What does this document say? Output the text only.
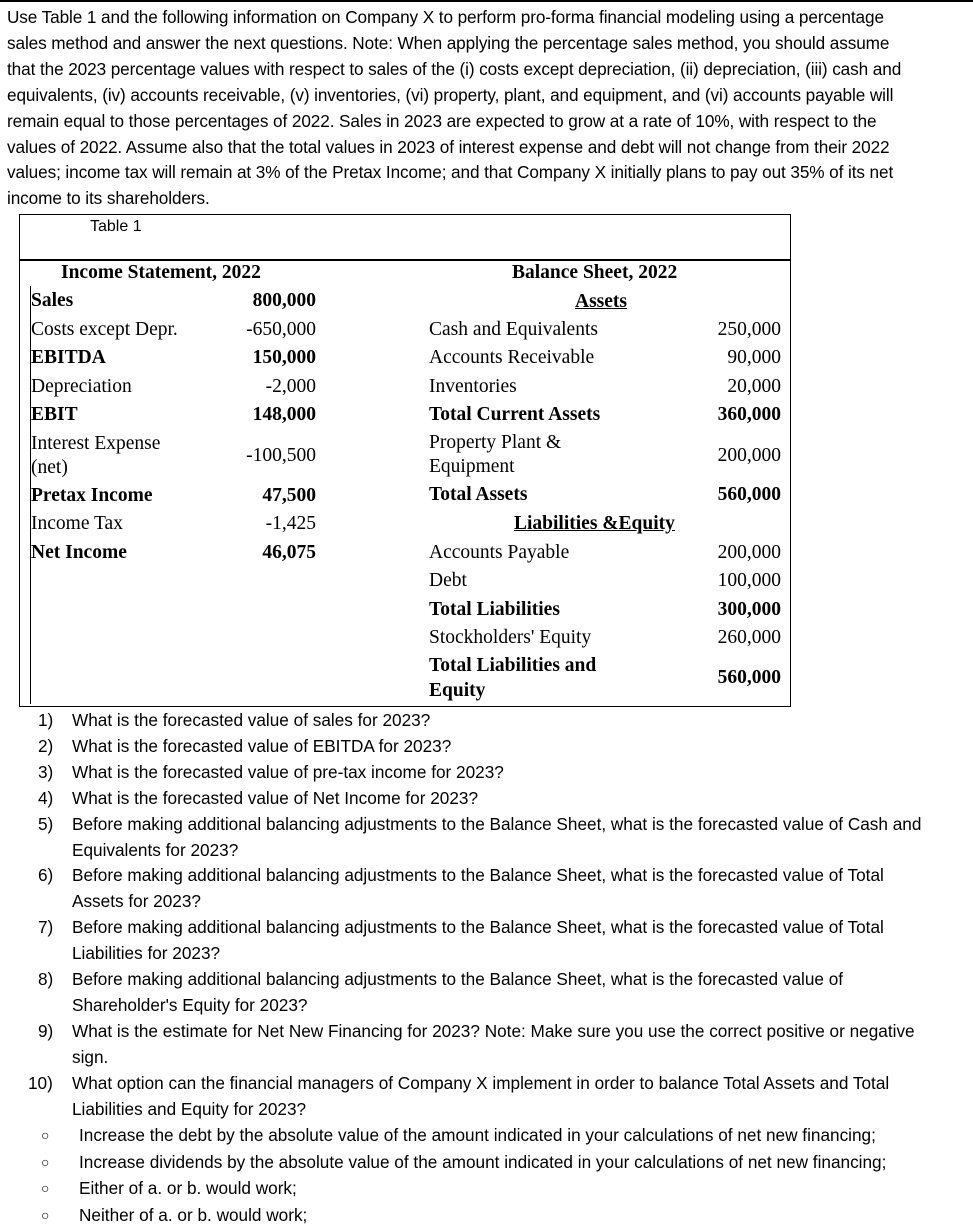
Use Table 1 and the following information on Company X to perform pro-forma financial modeling using a percentage
sales method and answer the next questions. Note: When applying the percentage sales method, you should assume
that the 2023 percentage values with respect to sales of the (i) costs except depreciation, (ii) depreciation, (iii) cash and
equivalents, (iv) accounts receivable, (v) inventories, (vi) property, plant, and equipment, and (vi) accounts payable will
remain equal to those percentages of 2022. Sales in 2023 are expected to grow at a rate of 10%, with respect to the
values of 2022. Assume also that the total values in 2023 of interest expense and debt will not change from their 2022
values; income tax will remain at 3% of the Pretax Income; and that Company X initially plans to pay out 35% of its net
income to its shareholders.
Table 1
Income Statement, 2022	Balance Sheet, 2022
Sales	800,000
Costs except Depr.	-650,000
EBITDA	150,000
Depreciation	-2,000
EBIT	148,000
Interest Expense
(net)
-100,500
Pretax Income	47,500
Income Tax	-1,425
Net Income	46,075
Assets
Cash and Equivalents	250,000
Accounts Receivable	90,000
Inventories	20,000
Total Current Assets	360,000
Property Plant &
Equipment
200,000
Total Assets	560,000
Liabilities &Equity
Accounts Payable	200,000
Debt	100,000
Total Liabilities	300,000
Stockholders' Equity	260,000
Total Liabilities and
Equity
560,000
1) What is the forecasted value of sales for 2023?
2) What is the forecasted value of EBITDA for 2023?
3) What is the forecasted value of pre-tax income for 2023?
4) What is the forecasted value of Net Income for 2023?
5) Before making additional balancing adjustments to the Balance Sheet, what is the forecasted value of Cash and
Equivalents for 2023?
6) Before making additional balancing adjustments to the Balance Sheet, what is the forecasted value of Total
Assets for 2023?
7) Before making additional balancing adjustments to the Balance Sheet, what is the forecasted value of Total
Liabilities for 2023?
8) Before making additional balancing adjustments to the Balance Sheet, what is the forecasted value of
Shareholder's Equity for 2023?
9) What is the estimate for Net New Financing for 2023? Note: Make sure you use the correct positive or negative
sign.
10) What option can the financial managers of Company X implement in order to balance Total Assets and Total
Liabilities and Equity for 2023?
○ Increase the debt by the absolute value of the amount indicated in your calculations of net new financing;
○ Increase dividends by the absolute value of the amount indicated in your calculations of net new financing;
○ Either of a. or b. would work;
○ Neither of a. or b. would work;
